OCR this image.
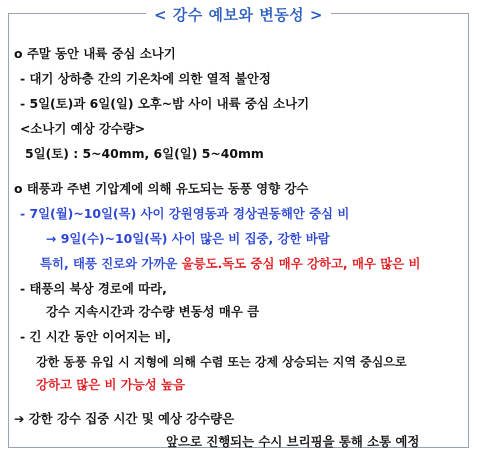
< 강수 예보와 변동성 >
o 주말 동안 내륙 중심 소나기
- 대기 상하층 간의 기온차에 의한 열적 불안정
- 5일(토)과 6일(일) 오후~밤 사이 내륙 중심 소나기
<소나기 예상 강수량>
5일(토) : 5~40mm, 6일(일) 5~40mm
o 태풍과 주변 기압계에 의해 유도되는 동풍 영향 강수
- 7일(월)~10일(목) 사이 강원영동과 경상권동해안 중심 비
→ 9일(수)~10일(목) 사이 많은 비 집중, 강한 바람
특히, 태풍 진로와 가까운 울릉도.독도 중심 매우 강하고, 매우 많은 비
- 태풍의 북상 경로에 따라,
강수 지속시간과 강수량 변동성 매우 큼
- 긴 시간 동안 이어지는 비,
강한 동풍 유입 시 지형에 의해 수렴 또는 강제 상승되는 지역 중심으로
강하고 많은 비 가능성 높음
➔ 강한 강수 집중 시간 및 예상 강수량은
앞으로 진행되는 수시 브리핑을 통해 소통 예정
